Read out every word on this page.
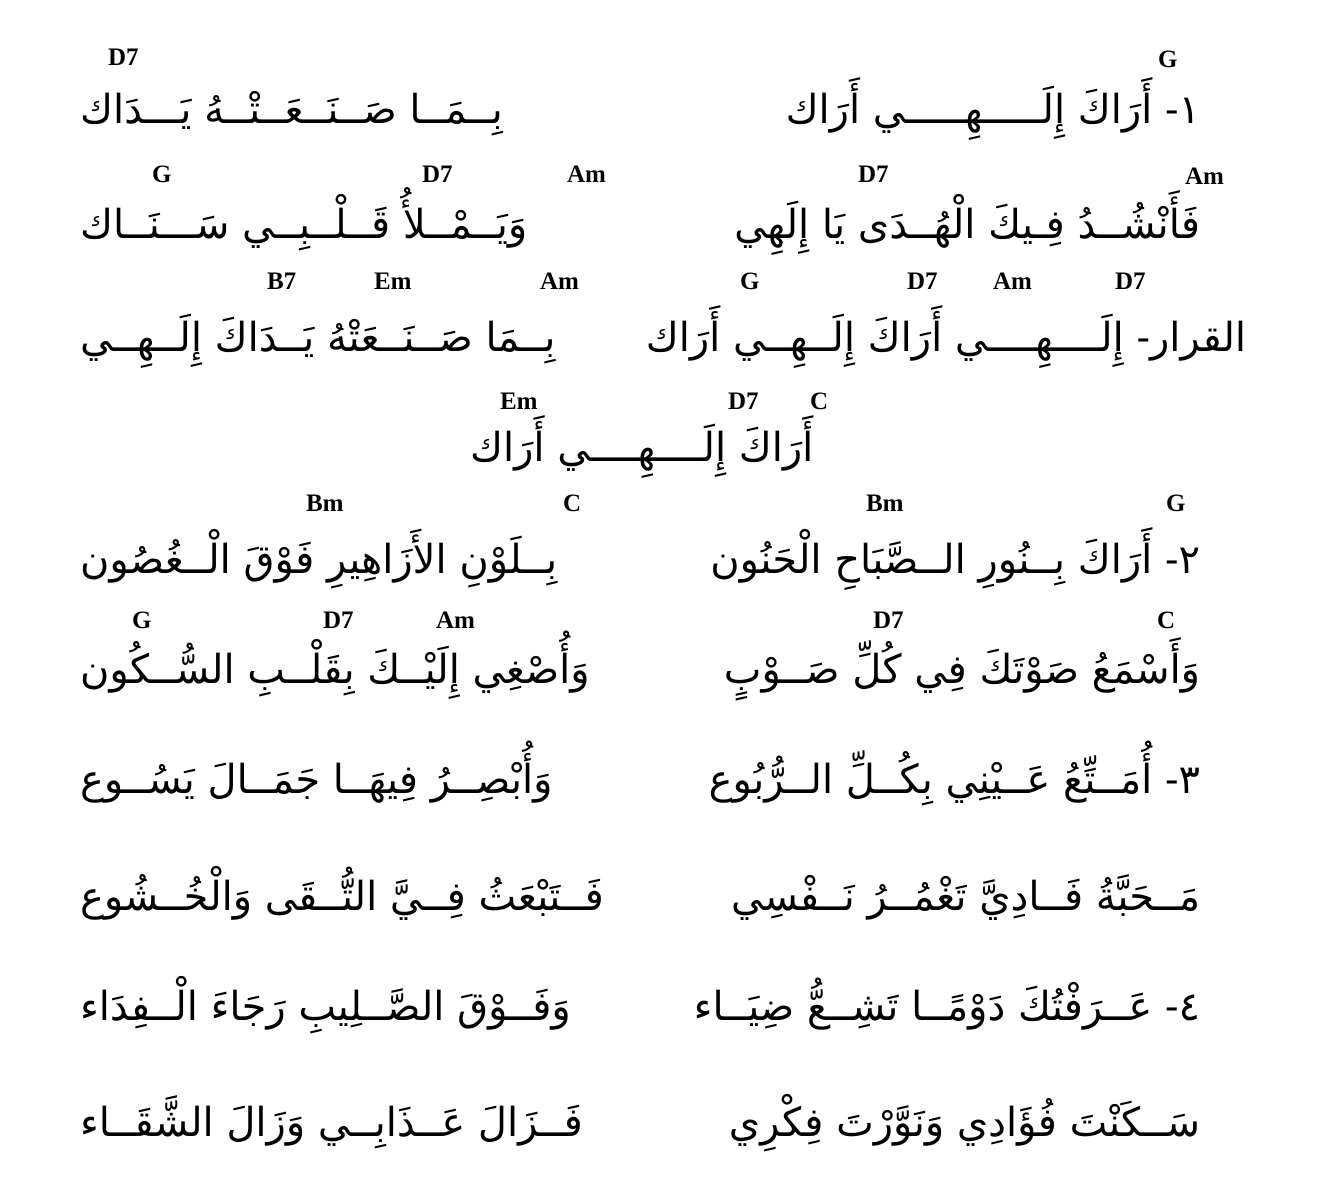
D7	G
بِــمَــا صَــنَــعَــتْــهُ يَـــدَاك	١- أَرَاكَ إِلَـــــهِـــــي أَرَاك
G	D7	Am	D7	Am
وَيَــمْــلأُ قَــلْــبِــي سَـــنَــاك	فَأَنْشُــدُ فِـيكَ الْهُــدَى يَا إِلَهِي
B7	Em	Am	G	D7 Am	D7
بِــمَا صَــنَــعَتْهُ يَــدَاكَ إِلَــهِــي القرار- إِلَــــهِــــي أَرَاكَ إِلَــهِــي أَرَاك
Em	D7 C
أَرَاكَ إِلَــــهِــــي أَرَاك
Bm	C	Bm	G
بِــلَوْنِ الأَزَاهِيرِ فَوْقَ الْــغُصُون	٢- أَرَاكَ بِــنُورِ الــصَّبَاحِ الْحَنُون
G	D7	Am	D7	C
وَأُصْغِي إِلَيْــكَ بِقَلْــبِ السُّــكُون	وَأَسْمَعُ صَوْتَكَ فِي كُلِّ صَــوْبٍ
وَأُبْصِــرُ فِيهَــا جَمَــالَ يَسُــوع	٣- أُمَــتِّعُ عَــيْنِي بِكُــلِّ الــرُّبُوع
فَــتَبْعَثُ فِــيَّ التُّــقَى وَالْخُــشُوع	مَــحَبَّةُ فَــادِيَّ تَغْمُــرُ نَــفْسِي
وَفَــوْقَ الصَّــلِيبِ رَجَاءَ الْــفِدَاء	٤- عَــرَفْتُكَ دَوْمًــا تَشِــعُّ ضِيَــاء
فَــزَالَ عَــذَابِــي وَزَالَ الشَّقَــاء	سَــكَنْتَ فُؤَادِي وَنَوَّرْتَ فِكْرِي
